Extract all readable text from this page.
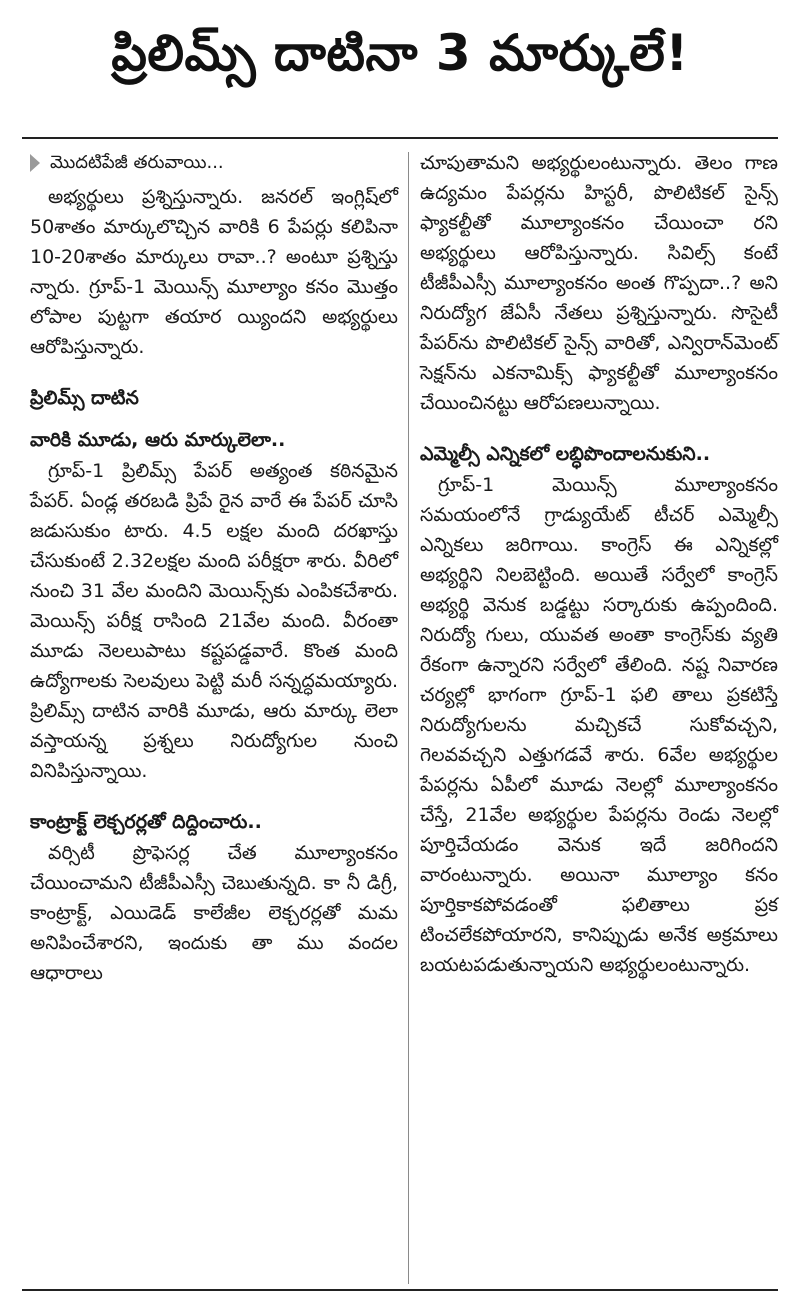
ప్రిలిమ్స్ దాటినా 3 మార్కులే!
మొదటిపేజీ తరువాయి...

అభ్యర్థులు ప్రశ్నిస్తున్నారు. జనరల్ ఇంగ్లిష్‌లో 50శాతం మార్కులొచ్చిన వారికి 6 పేపర్లు కలిపినా 10-20శాతం మార్కులు రావా..? అంటూ ప్రశ్నిస్తు న్నారు. గ్రూప్-1 మెయిన్స్ మూల్యాం కనం మొత్తం లోపాల పుట్టగా తయార య్యిందని అభ్యర్థులు ఆరోపిస్తున్నారు.

ప్రిలిమ్స్ దాటిన

వారికి మూడు, ఆరు మార్కులెలా..

గ్రూప్-1 ప్రిలిమ్స్ పేపర్ అత్యంత కఠినమైన పేపర్. ఏండ్ల తరబడి ప్రిపే రైన వారే ఈ పేపర్ చూసి జడుసుకుం టారు. 4.5 లక్షల మంది దరఖాస్తు చేసుకుంటే 2.32లక్షల మంది పరీక్షరా శారు. వీరిలో నుంచి 31 వేల మందిని మెయిన్స్‌కు ఎంపికచేశారు. మెయిన్స్ పరీక్ష రాసింది 21వేల మంది. వీరంతా మూడు నెలలుపాటు కష్టపడ్డవారే. కొంత మంది ఉద్యోగాలకు సెలవులు పెట్టి మరీ సన్నద్ధమయ్యారు. ప్రిలిమ్స్ దాటిన వారికి మూడు, ఆరు మార్కు లెలా వస్తాయన్న ప్రశ్నలు నిరుద్యోగుల నుంచి వినిపిస్తున్నాయి.

కాంట్రాక్ట్ లెక్చరర్లతో దిద్దించారు..

వర్సిటీ ప్రొఫెసర్ల చేత మూల్యాంకనం చేయించామని టీజీపీఎస్సీ చెబుతున్నది. కా నీ డిగ్రీ, కాంట్రాక్ట్, ఎయిడెడ్ కాలేజీల లెక్చరర్లతో మమ అనిపించేశారని, ఇందుకు తా ము వందల ఆధారాలు

చూపుతామని అభ్యర్థులంటున్నారు. తెలం గాణ ఉద్యమం పేపర్లను హిస్టరీ, పొలిటికల్ సైన్స్ ఫ్యాకల్టీతో మూల్యాంకనం చేయించా రని అభ్యర్థులు ఆరోపిస్తున్నారు. సివిల్స్ కంటే టీజీపీఎస్సీ మూల్యాంకనం అంత గొప్పదా..? అని నిరుద్యోగ జేఏసీ నేతలు ప్రశ్నిస్తున్నారు. సొసైటీ పేపర్‌ను పొలిటికల్ సైన్స్ వారితో, ఎన్విరాన్‌మెంట్ సెక్షన్‌ను ఎకనామిక్స్ ఫ్యాకల్టీతో మూల్యాంకనం చేయించినట్టు ఆరోపణలున్నాయి.

ఎమ్మెల్సీ ఎన్నికలో లబ్ధిపొందాలనుకుని..

గ్రూప్-1 మెయిన్స్ మూల్యాంకనం సమయంలోనే గ్రాడ్యుయేట్ టీచర్ ఎమ్మెల్సీ ఎన్నికలు జరిగాయి. కాంగ్రెస్ ఈ ఎన్నికల్లో అభ్యర్థిని నిలబెట్టింది. అయితే సర్వేలో కాంగ్రెస్ అభ్యర్థి వెనుక బడ్డట్టు సర్కారుకు ఉప్పందింది. నిరుద్యో గులు, యువత అంతా కాంగ్రెస్‌కు వ్యతి రేకంగా ఉన్నారని సర్వేలో తేలింది. నష్ట నివారణ చర్యల్లో భాగంగా గ్రూప్-1 ఫలి తాలు ప్రకటిస్తే నిరుద్యోగులను మచ్చికచే సుకోవచ్చని, గెలవవచ్చని ఎత్తుగడవే శారు. 6వేల అభ్యర్థుల పేపర్లను ఏపీలో మూడు నెలల్లో మూల్యాంకనం చేస్తే, 21వేల అభ్యర్థుల పేపర్లను రెండు నెలల్లో పూర్తిచేయడం వెనుక ఇదే జరిగిందని వారంటున్నారు. అయినా మూల్యాం కనం పూర్తికాకపోవడంతో ఫలితాలు ప్రక టించలేకపోయారని, కానిప్పుడు అనేక అక్రమాలు బయటపడుతున్నాయని అభ్యర్థులంటున్నారు.
